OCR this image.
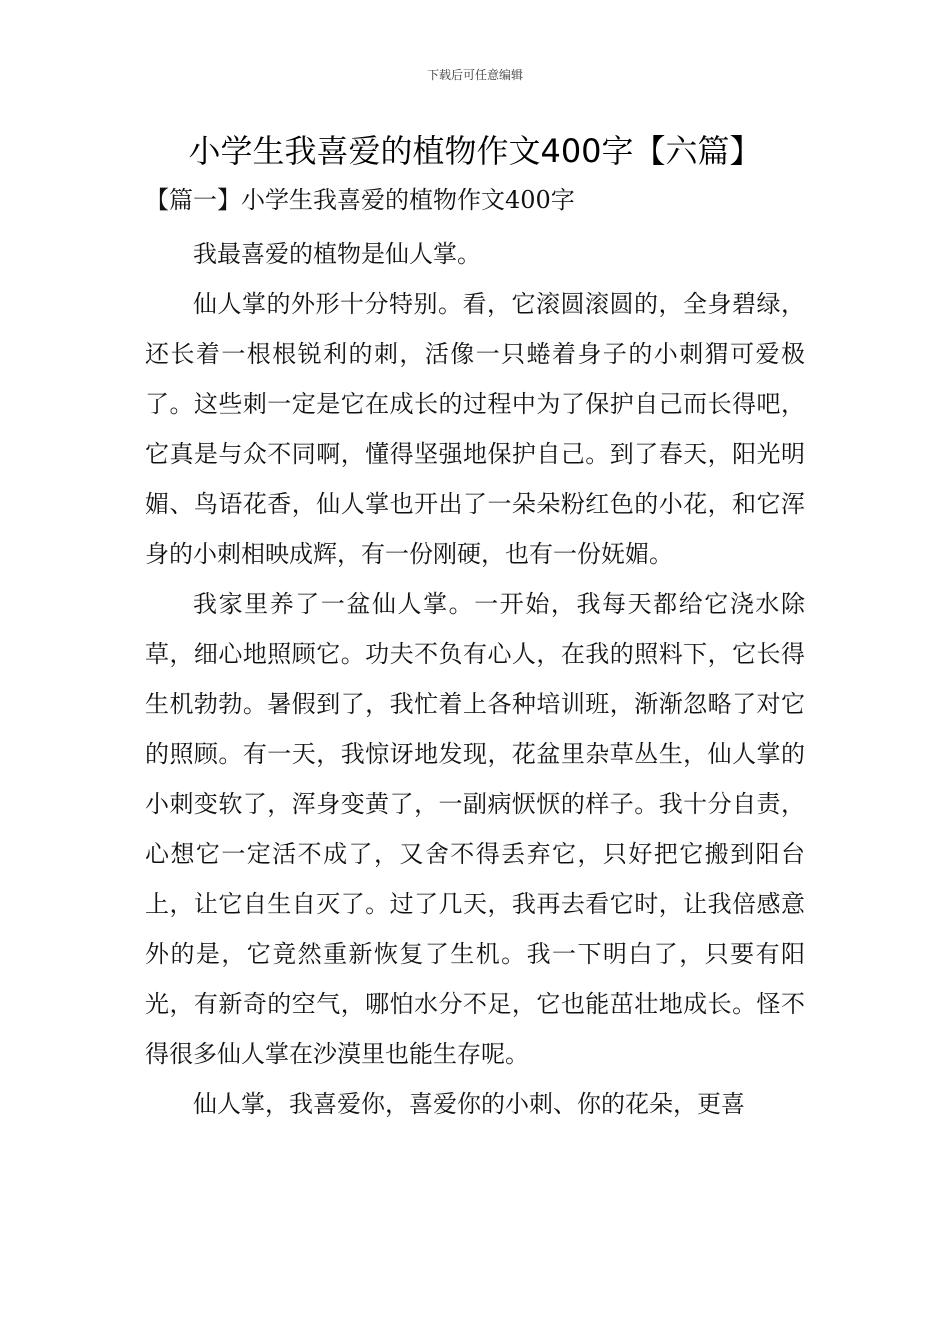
下载后可任意编辑
小学生我喜爱的植物作文400字【六篇】
【篇一】小学生我喜爱的植物作文400字

我最喜爱的植物是仙人掌。

仙人掌的外形十分特别。看，它滚圆滚圆的，全身碧绿，还长着一根根锐利的刺，活像一只蜷着身子的小刺猬可爱极了。这些刺一定是它在成长的过程中为了保护自己而长得吧，它真是与众不同啊，懂得坚强地保护自己。到了春天，阳光明媚、鸟语花香，仙人掌也开出了一朵朵粉红色的小花，和它浑身的小刺相映成辉，有一份刚硬，也有一份妩媚。

我家里养了一盆仙人掌。一开始，我每天都给它浇水除草，细心地照顾它。功夫不负有心人，在我的照料下，它长得生机勃勃。暑假到了，我忙着上各种培训班，渐渐忽略了对它的照顾。有一天，我惊讶地发现，花盆里杂草丛生，仙人掌的小刺变软了，浑身变黄了，一副病恹恹的样子。我十分自责，心想它一定活不成了，又舍不得丢弃它，只好把它搬到阳台上，让它自生自灭了。过了几天，我再去看它时，让我倍感意外的是，它竟然重新恢复了生机。我一下明白了，只要有阳光，有新奇的空气，哪怕水分不足，它也能茁壮地成长。怪不得很多仙人掌在沙漠里也能生存呢。

仙人掌，我喜爱你，喜爱你的小刺、你的花朵，更喜
